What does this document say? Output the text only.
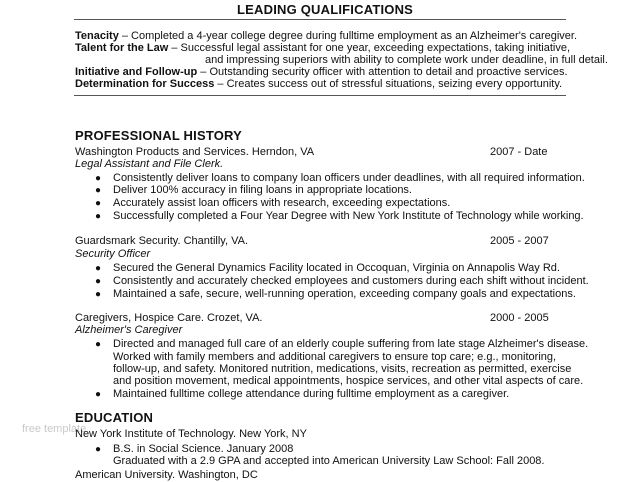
LEADING QUALIFICATIONS
Tenacity – Completed a 4-year college degree during fulltime employment as an Alzheimer's caregiver.
Talent for the Law – Successful legal assistant for one year, exceeding expectations, taking initiative,
and impressing superiors with ability to complete work under deadline, in full detail.
Initiative and Follow-up – Outstanding security officer with attention to detail and proactive services.
Determination for Success – Creates success out of stressful situations, seizing every opportunity.
PROFESSIONAL HISTORY
Washington Products and Services. Herndon, VA	2007 - Date
Legal Assistant and File Clerk.
● Consistently deliver loans to company loan officers under deadlines, with all required information.
● Deliver 100% accuracy in filing loans in appropriate locations.
● Accurately assist loan officers with research, exceeding expectations.
● Successfully completed a Four Year Degree with New York Institute of Technology while working.
Guardsmark Security. Chantilly, VA.	2005 - 2007
Security Officer
● Secured the General Dynamics Facility located in Occoquan, Virginia on Annapolis Way Rd.
● Consistently and accurately checked employees and customers during each shift without incident.
● Maintained a safe, secure, well-running operation, exceeding company goals and expectations.
Caregivers, Hospice Care. Crozet, VA.	2000 - 2005
Alzheimer's Caregiver
● Directed and managed full care of an elderly couple suffering from late stage Alzheimer's disease.
Worked with family members and additional caregivers to ensure top care; e.g., monitoring,
follow-up, and safety. Monitored nutrition, medications, visits, recreation as permitted, exercise
and position movement, medical appointments, hospice services, and other vital aspects of care.
● Maintained fulltime college attendance during fulltime employment as a caregiver.
EDUCATION
free template
New York Institute of Technology. New York, NY
● B.S. in Social Science. January 2008
Graduated with a 2.9 GPA and accepted into American University Law School: Fall 2008.
American University. Washington, DC
